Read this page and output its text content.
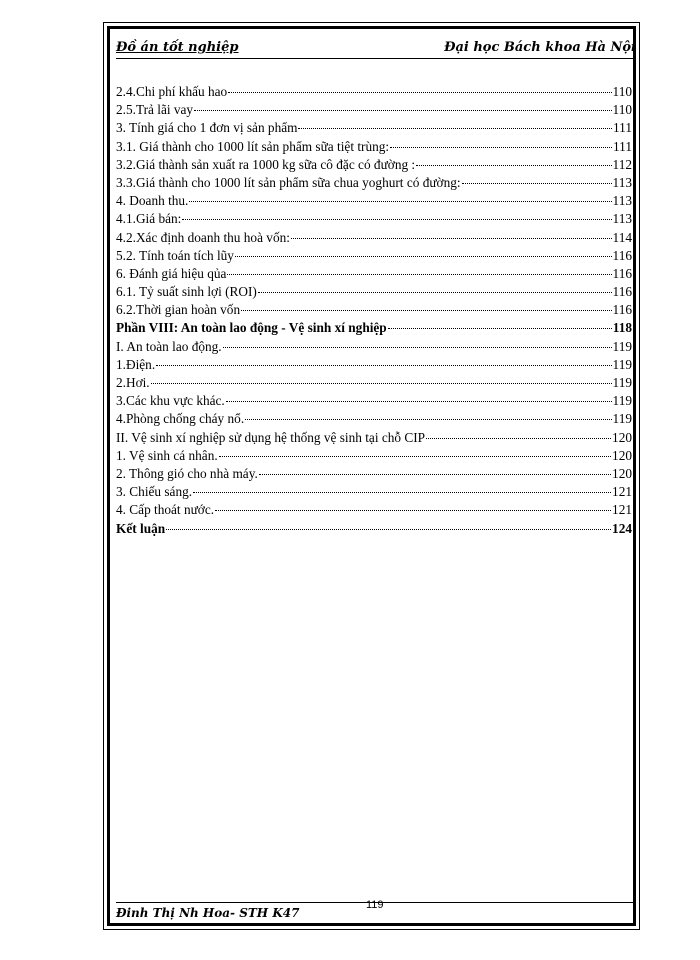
Đồ án tốt nghiệp	Đại học Bách khoa Hà Nội
2.4.Chi phí khấu hao	110
2.5.Trả lãi vay	110
3. Tính giá cho 1 đơn vị sản phẩm	111
3.1. Giá thành cho 1000 lít sản phẩm sữa tiệt trùng:	111
3.2.Giá thành sản xuất ra 1000 kg sữa cô đặc có đường :	112
3.3.Giá thành cho 1000 lít sản phẩm sữa chua yoghurt có đường:	113
4. Doanh thu.	113
4.1.Giá bán:	113
4.2.Xác định doanh thu hoà vốn:	114
5.2. Tính toán tích lũy	116
6. Đánh giá hiệu qủa	116
6.1. Tỷ suất sinh lợi (ROI)	116
6.2.Thời gian hoàn vốn	116
Phần VIII: An toàn lao động - Vệ sinh xí nghiệp	118
I. An toàn lao động.	119
1.Điện.	119
2.Hơi.	119
3.Các khu vực khác.	119
4.Phòng chống cháy nổ.	119
II. Vệ sinh xí nghiệp sử dụng hệ thống vệ sinh tại chỗ CIP	120
1. Vệ sinh cá nhân.	120
2. Thông gió cho nhà máy.	120
3. Chiếu sáng.	121
4. Cấp thoát nước.	121
Kết luận	124
Đinh Thị Nh Hoa- STH K47
119
